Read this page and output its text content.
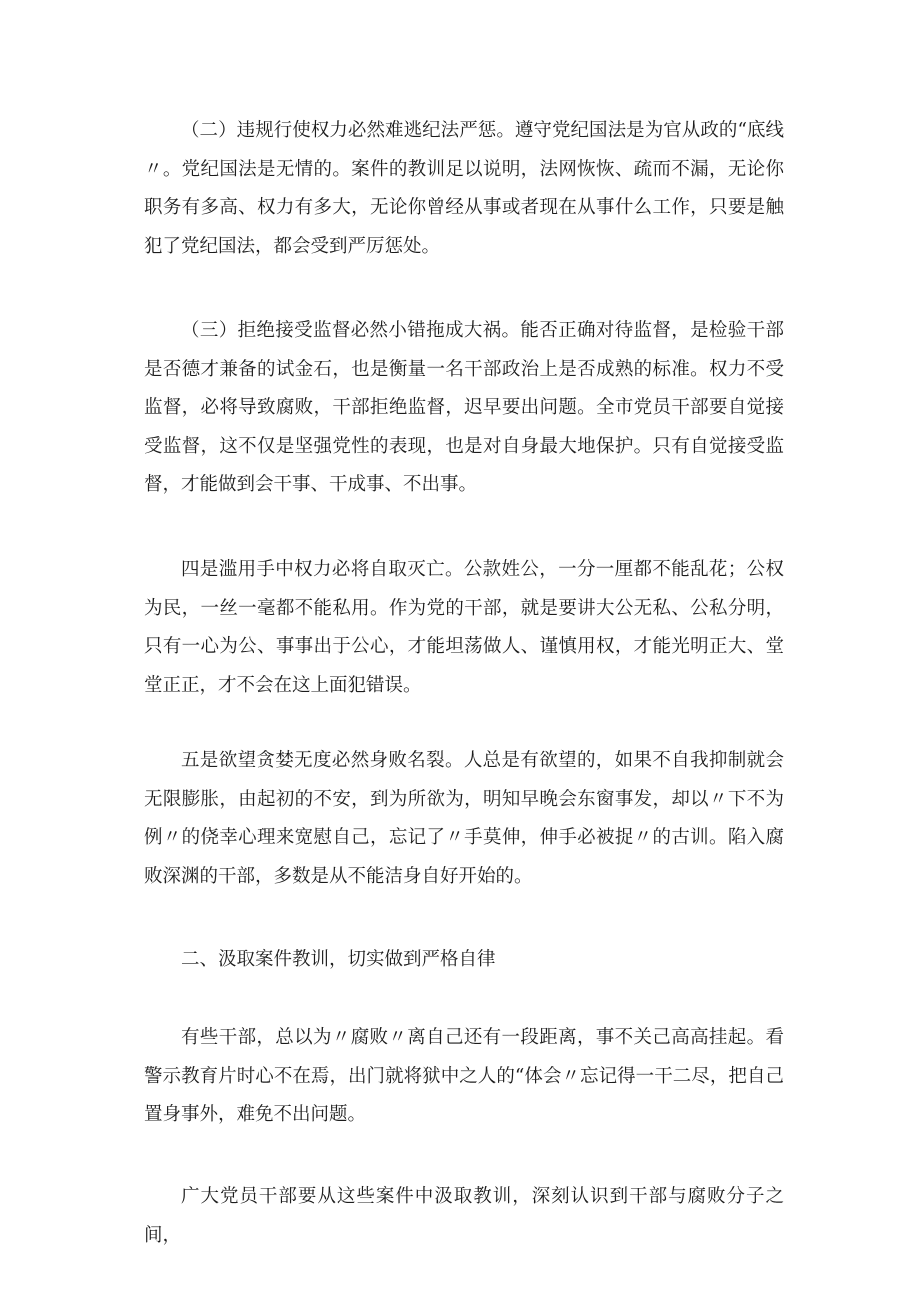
（二）违规行使权力必然难逃纪法严惩。遵守党纪国法是为官从政的“底线〃。党纪国法是无情的。案件的教训足以说明，法网恢恢、疏而不漏，无论你职务有多高、权力有多大，无论你曾经从事或者现在从事什么工作，只要是触犯了党纪国法，都会受到严厉惩处。

（三）拒绝接受监督必然小错拖成大祸。能否正确对待监督，是检验干部是否德才兼备的试金石，也是衡量一名干部政治上是否成熟的标准。权力不受监督，必将导致腐败，干部拒绝监督，迟早要出问题。全市党员干部要自觉接受监督，这不仅是坚强党性的表现，也是对自身最大地保护。只有自觉接受监督，才能做到会干事、干成事、不出事。

四是滥用手中权力必将自取灭亡。公款姓公，一分一厘都不能乱花；公权为民，一丝一毫都不能私用。作为党的干部，就是要讲大公无私、公私分明，只有一心为公、事事出于公心，才能坦荡做人、谨慎用权，才能光明正大、堂堂正正，才不会在这上面犯错误。

五是欲望贪婪无度必然身败名裂。人总是有欲望的，如果不自我抑制就会无限膨胀，由起初的不安，到为所欲为，明知早晚会东窗事发，却以〃下不为例〃的侥幸心理来宽慰自己，忘记了〃手莫伸，伸手必被捉〃的古训。陷入腐败深渊的干部，多数是从不能洁身自好开始的。

二、汲取案件教训，切实做到严格自律

有些干部，总以为〃腐败〃离自己还有一段距离，事不关己高高挂起。看警示教育片时心不在焉，出门就将狱中之人的“体会〃忘记得一干二尽，把自己置身事外，难免不出问题。

广大党员干部要从这些案件中汲取教训，深刻认识到干部与腐败分子之间，
